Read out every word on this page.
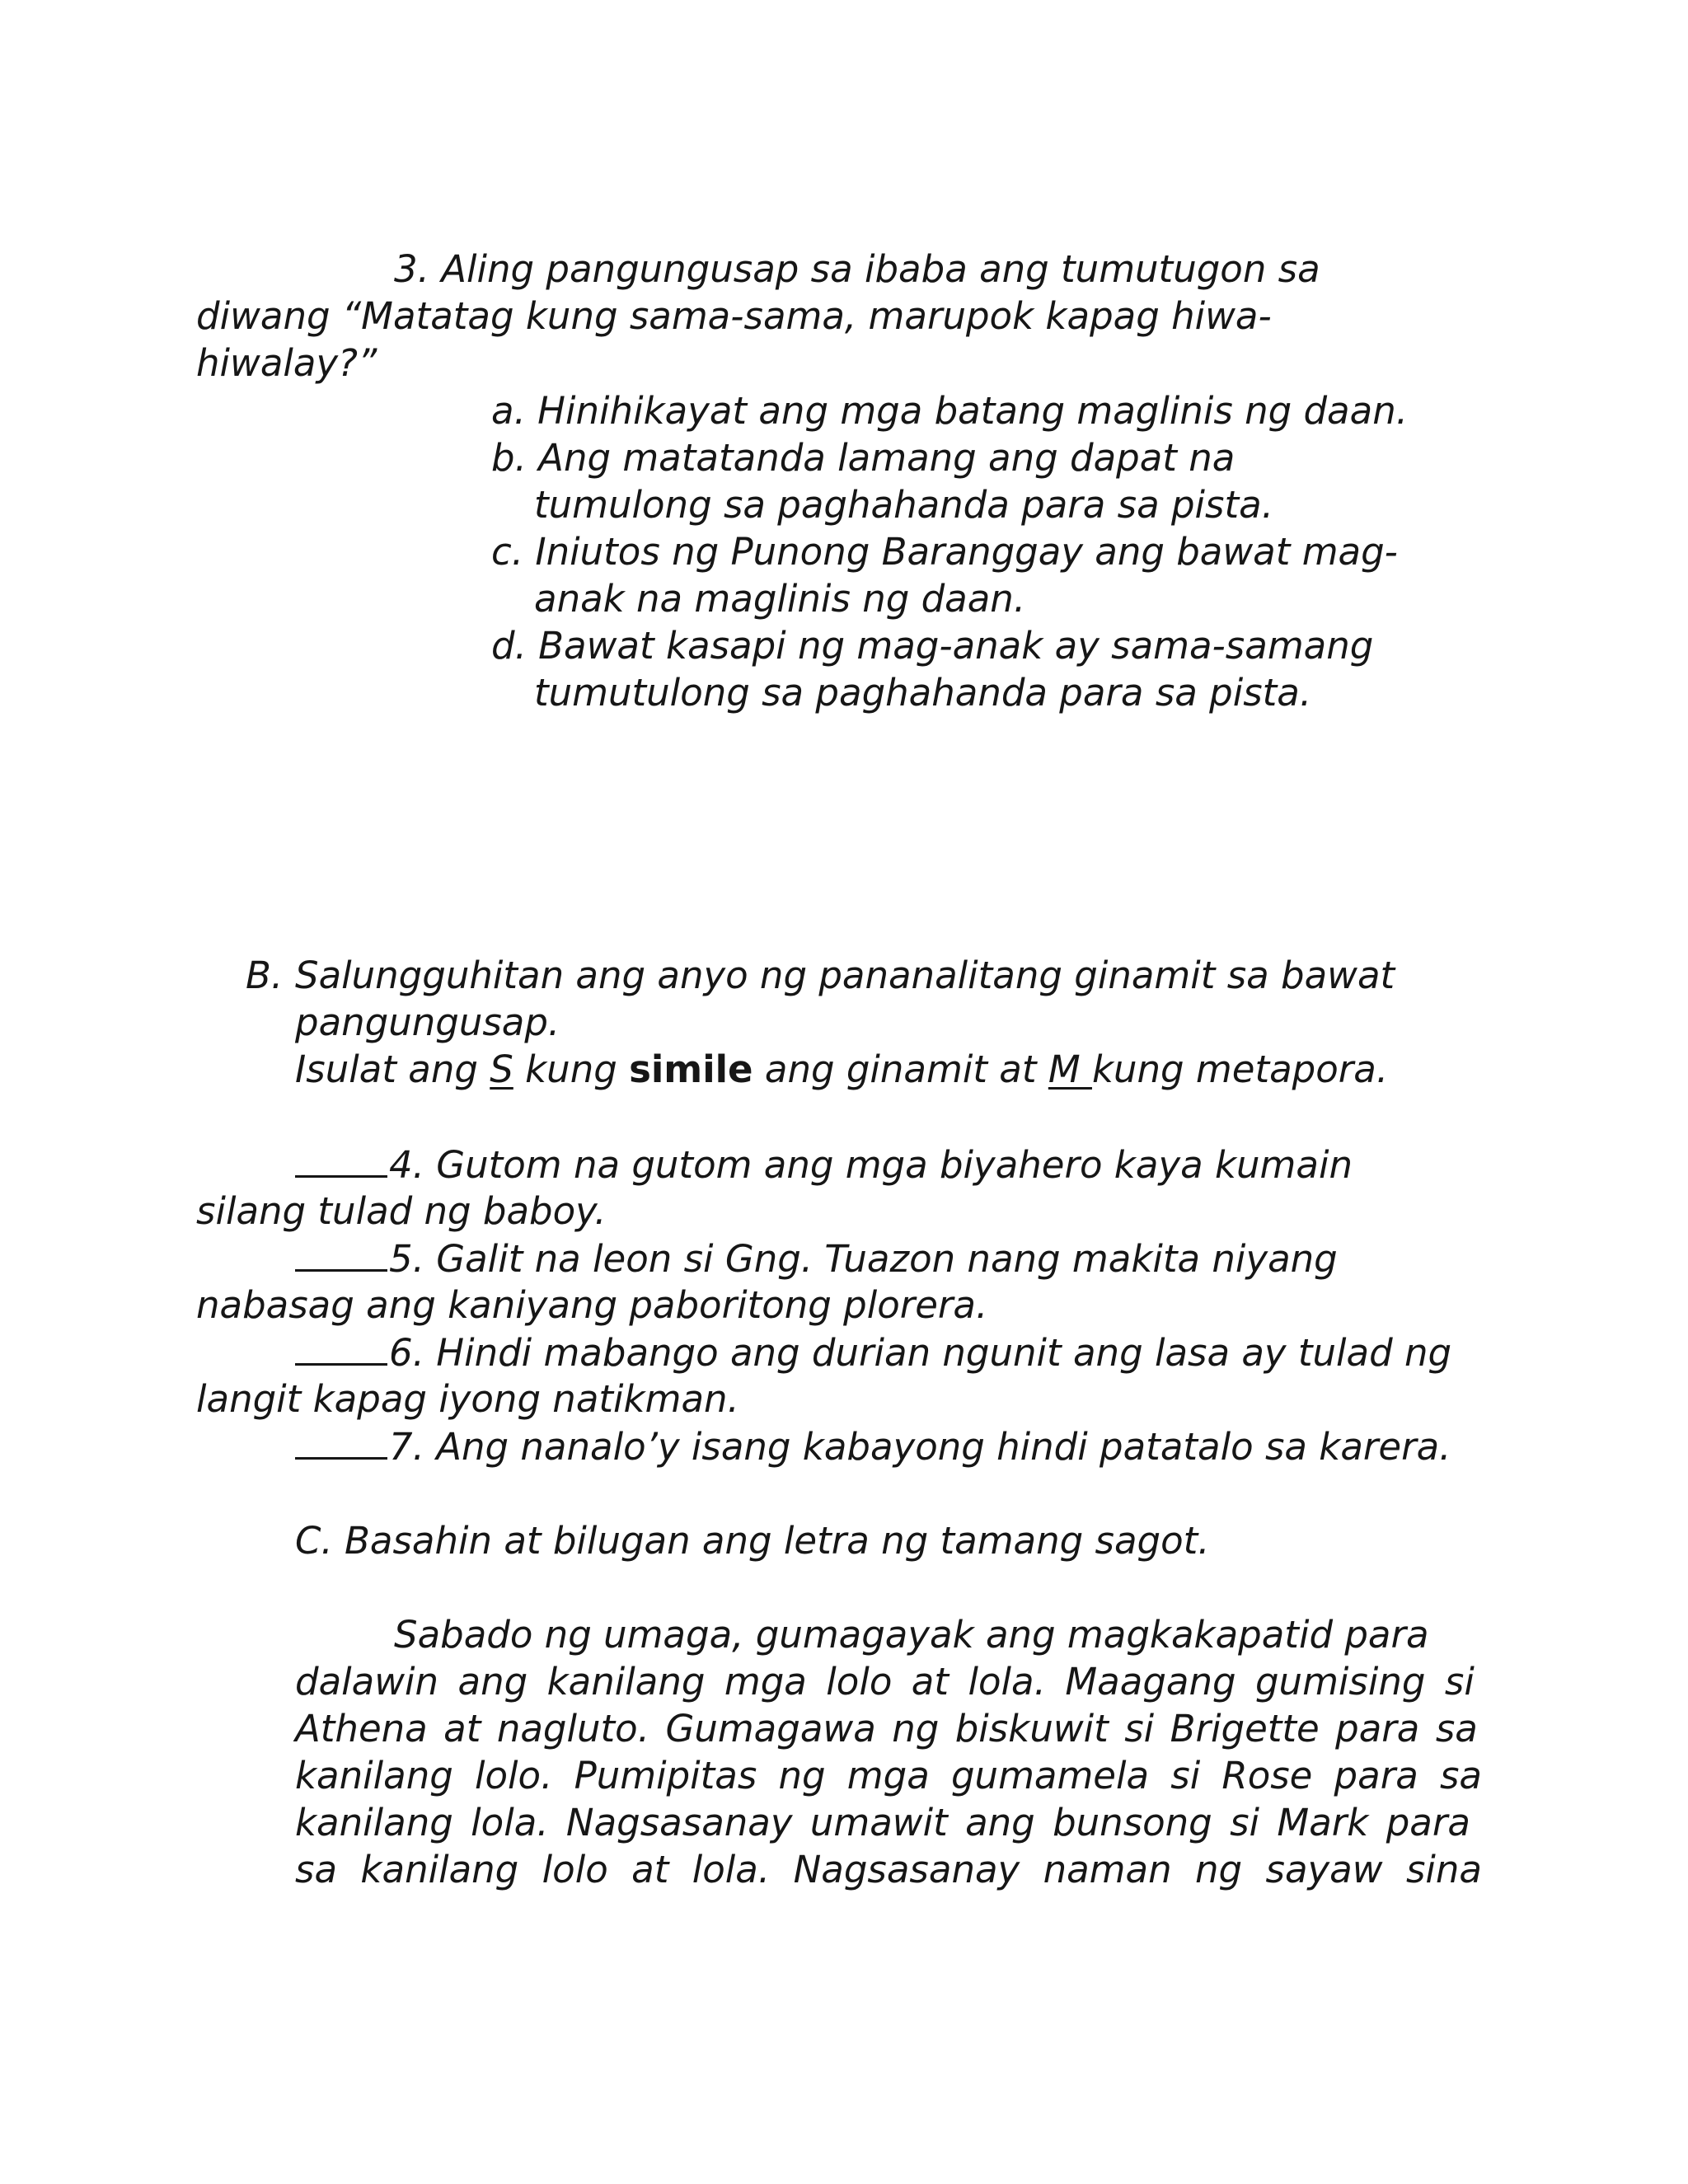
3. Aling pangungusap sa ibaba ang tumutugon sa
diwang “Matatag kung sama-sama, marupok kapag hiwa-
hiwalay?”
a. Hinihikayat ang mga batang maglinis ng daan.
b. Ang matatanda lamang ang dapat na
tumulong sa paghahanda para sa pista.
c. Iniutos ng Punong Baranggay ang bawat mag-
anak na maglinis ng daan.
d. Bawat kasapi ng mag-anak ay sama-samang
tumutulong sa paghahanda para sa pista.
B. Salungguhitan ang anyo ng pananalitang ginamit sa bawat
pangungusap.
Isulat ang S kung simile ang ginamit at M kung metapora.
4. Gutom na gutom ang mga biyahero kaya kumain
silang tulad ng baboy.
5. Galit na leon si Gng. Tuazon nang makita niyang
nabasag ang kaniyang paboritong plorera.
6. Hindi mabango ang durian ngunit ang lasa ay tulad ng
langit kapag iyong natikman.
7. Ang nanalo’y isang kabayong hindi patatalo sa karera.
C. Basahin at bilugan ang letra ng tamang sagot.
Sabado ng umaga, gumagayak ang magkakapatid para
dalawin ang kanilang mga lolo at lola. Maagang gumising si
Athena at nagluto. Gumagawa ng biskuwit si Brigette para sa
kanilang lolo. Pumipitas ng mga gumamela si Rose para sa
kanilang lola. Nagsasanay umawit ang bunsong si Mark para
sa kanilang lolo at lola. Nagsasanay naman ng sayaw sina
